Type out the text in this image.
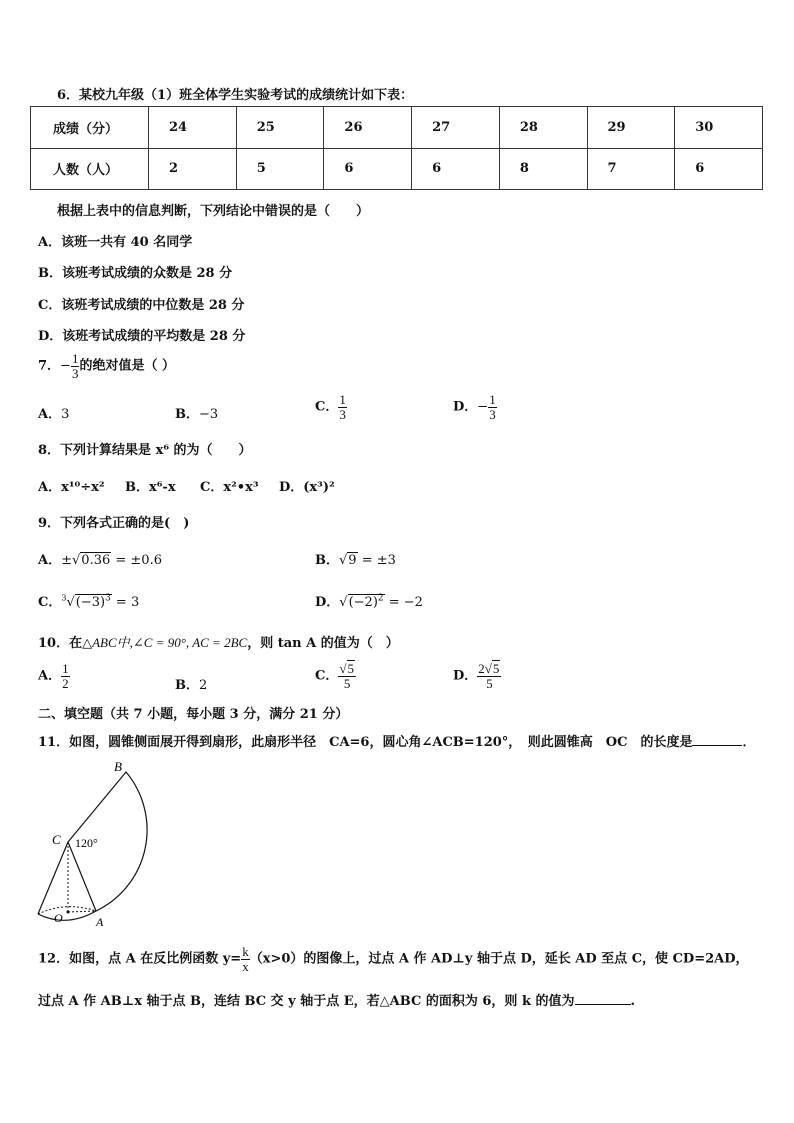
6．某校九年级（1）班全体学生实验考试的成绩统计如下表：
成绩（分）	24	25	26	27	28	29	30
人数（人）	2	5	6	6	8	7	6
根据上表中的信息判断，下列结论中错误的是（　　）
A．该班一共有 40 名同学
B．该班考试成绩的众数是 28 分
C．该班考试成绩的中位数是 28 分
D．该班考试成绩的平均数是 28 分
7．− $\frac{1}{3}$ 的绝对值是（ ）
A．3	B．−3	C． $\frac{1}{3}$	D．− $\frac{1}{3}$
8．下列计算结果是 x⁶ 的为（　　）
A．x¹⁰÷x² B．x⁶-x C．x²•x³ D．(x³)²
9．下列各式正确的是(　)
A．±√0.36 = ±0.6	B．√9 = ±3
C．$^3√(-3)^3 = 3$	D．$√(-2)^2 = -2$
10．在△ABC中,∠C = 90°, AC = 2BC，则 tan A 的值为（　）
A． $\frac{1}{2}$	B．2
C． $\frac{√5}{5}$	D． $\frac{2√5}{5}$
二、填空题（共 7 小题，每小题 3 分，满分 21 分）
11．如图，圆锥侧面展开得到扇形，此扇形半径　CA=6，圆心角∠ACB=120°，　则此圆锥高　OC　的长度是	．
B
C 120°
O	A
12．如图，点 A 在反比例函数 $y= \frac{k}{x} (x>0)$的图像上，过点 A 作 AD⊥y 轴于点 D，延长 AD 至点 C，使 CD=2AD，
过点 A 作 AB⊥x 轴于点 B，连结 BC 交 y 轴于点 E，若△ABC 的面积为 6，则 k 的值为	.
